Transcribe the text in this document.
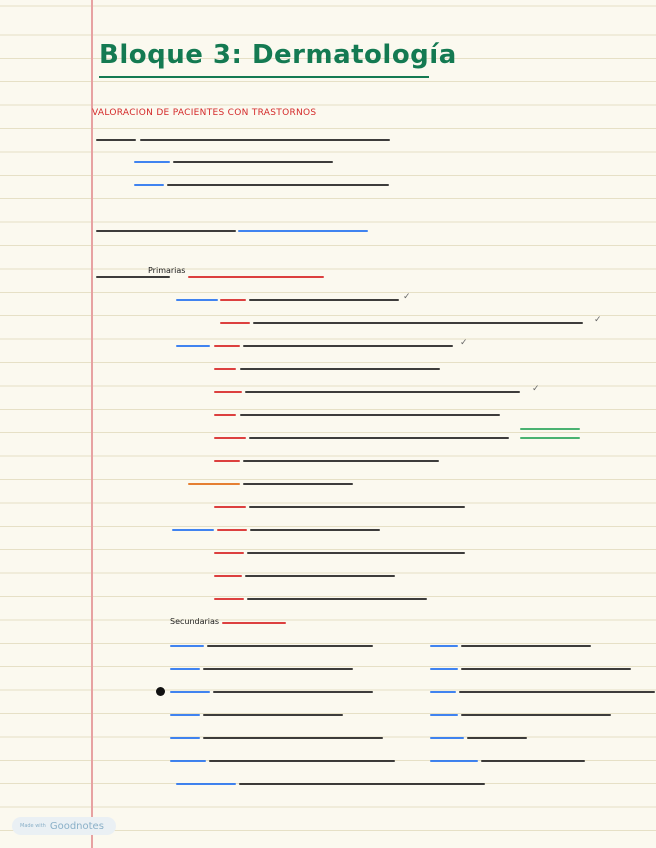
Bloque 3: Dermatología
VALORACION DE PACIENTES CON TRASTORNOS
Primarias
Secundarias
✓
✓
✓
✓
Made with Goodnotes
